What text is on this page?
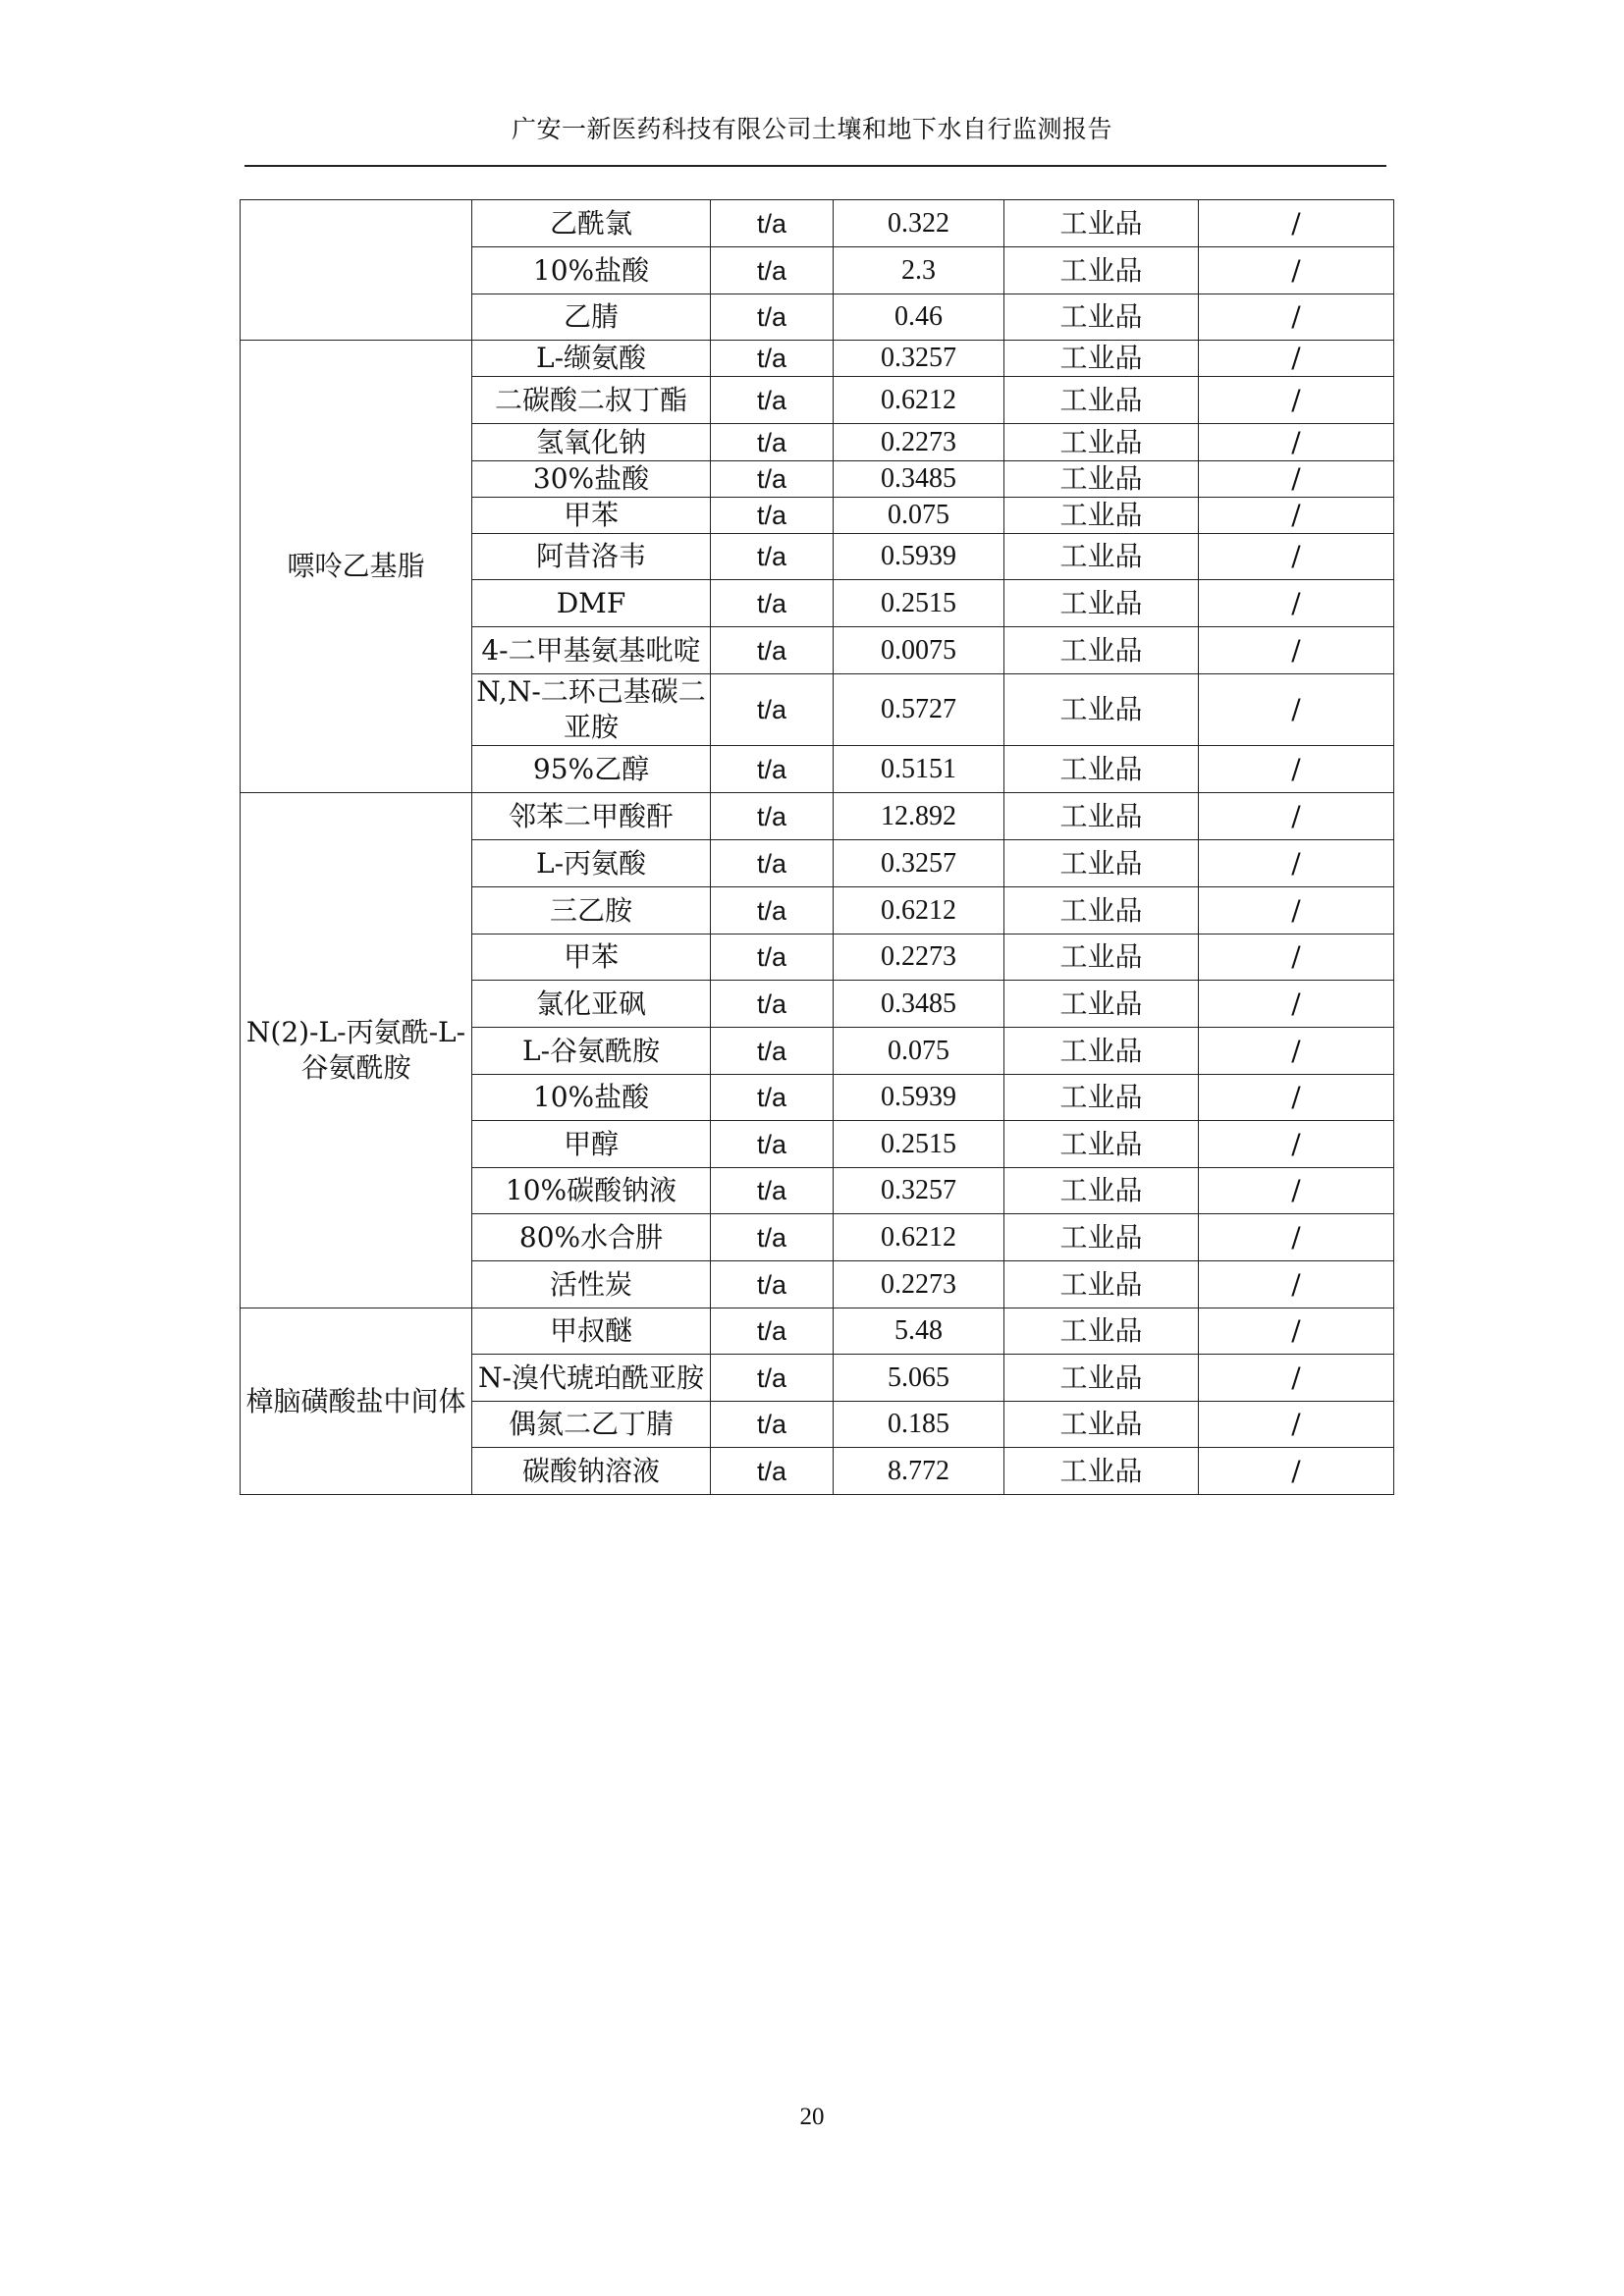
广安一新医药科技有限公司土壤和地下水自行监测报告
	乙酰氯	t/a	0.322	工业品	/
	10%盐酸	t/a	2.3	工业品	/
	乙腈	t/a	0.46	工业品	/
嘌呤乙基脂	L-缬氨酸	t/a	0.3257	工业品	/
	二碳酸二叔丁酯	t/a	0.6212	工业品	/
	氢氧化钠	t/a	0.2273	工业品	/
	30%盐酸	t/a	0.3485	工业品	/
	甲苯	t/a	0.075	工业品	/
	阿昔洛韦	t/a	0.5939	工业品	/
	DMF	t/a	0.2515	工业品	/
	4-二甲基氨基吡啶	t/a	0.0075	工业品	/
	N,N-二环己基碳二亚胺	t/a	0.5727	工业品	/
	95%乙醇	t/a	0.5151	工业品	/
N(2)-L-丙氨酰-L-谷氨酰胺	邻苯二甲酸酐	t/a	12.892	工业品	/
	L-丙氨酸	t/a	0.3257	工业品	/
	三乙胺	t/a	0.6212	工业品	/
	甲苯	t/a	0.2273	工业品	/
	氯化亚砜	t/a	0.3485	工业品	/
	L-谷氨酰胺	t/a	0.075	工业品	/
	10%盐酸	t/a	0.5939	工业品	/
	甲醇	t/a	0.2515	工业品	/
	10%碳酸钠液	t/a	0.3257	工业品	/
	80%水合肼	t/a	0.6212	工业品	/
	活性炭	t/a	0.2273	工业品	/
樟脑磺酸盐中间体	甲叔醚	t/a	5.48	工业品	/
	N-溴代琥珀酰亚胺	t/a	5.065	工业品	/
	偶氮二乙丁腈	t/a	0.185	工业品	/
	碳酸钠溶液	t/a	8.772	工业品	/
20
